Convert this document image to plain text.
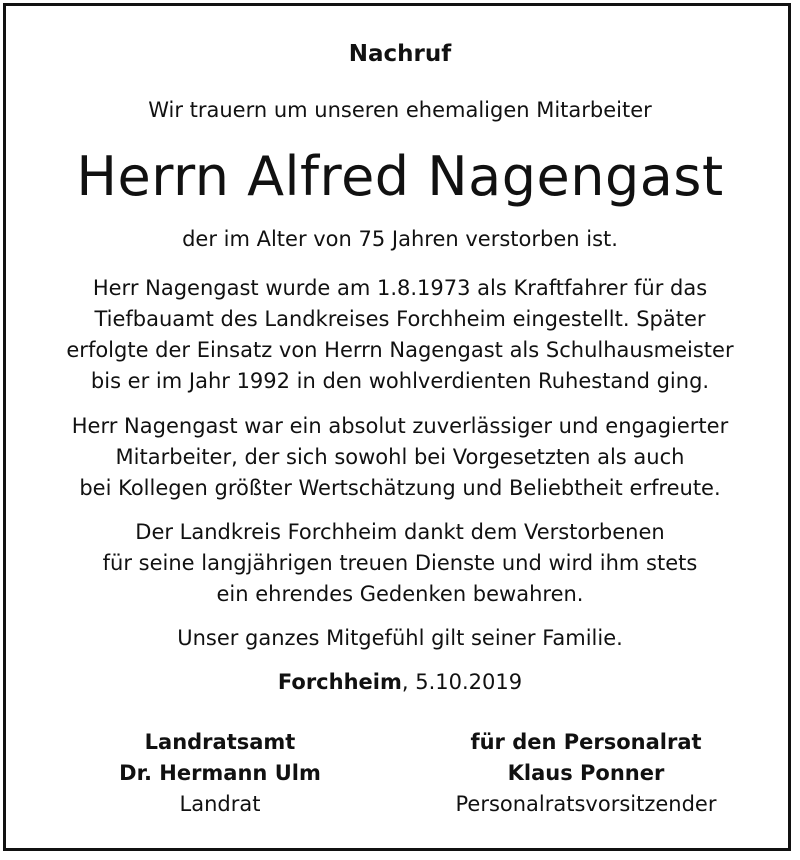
Nachruf
Wir trauern um unseren ehemaligen Mitarbeiter
Herrn Alfred Nagengast
der im Alter von 75 Jahren verstorben ist.
Herr Nagengast wurde am 1.8.1973 als Kraftfahrer für das
Tiefbauamt des Landkreises Forchheim eingestellt. Später
erfolgte der Einsatz von Herrn Nagengast als Schulhausmeister
bis er im Jahr 1992 in den wohlverdienten Ruhestand ging.
Herr Nagengast war ein absolut zuverlässiger und engagierter
Mitarbeiter, der sich sowohl bei Vorgesetzten als auch
bei Kollegen größter Wertschätzung und Beliebtheit erfreute.
Der Landkreis Forchheim dankt dem Verstorbenen
für seine langjährigen treuen Dienste und wird ihm stets
ein ehrendes Gedenken bewahren.
Unser ganzes Mitgefühl gilt seiner Familie.
Forchheim, 5.10.2019
Landratsamt
Dr. Hermann Ulm
Landrat
für den Personalrat
Klaus Ponner
Personalratsvorsitzender
